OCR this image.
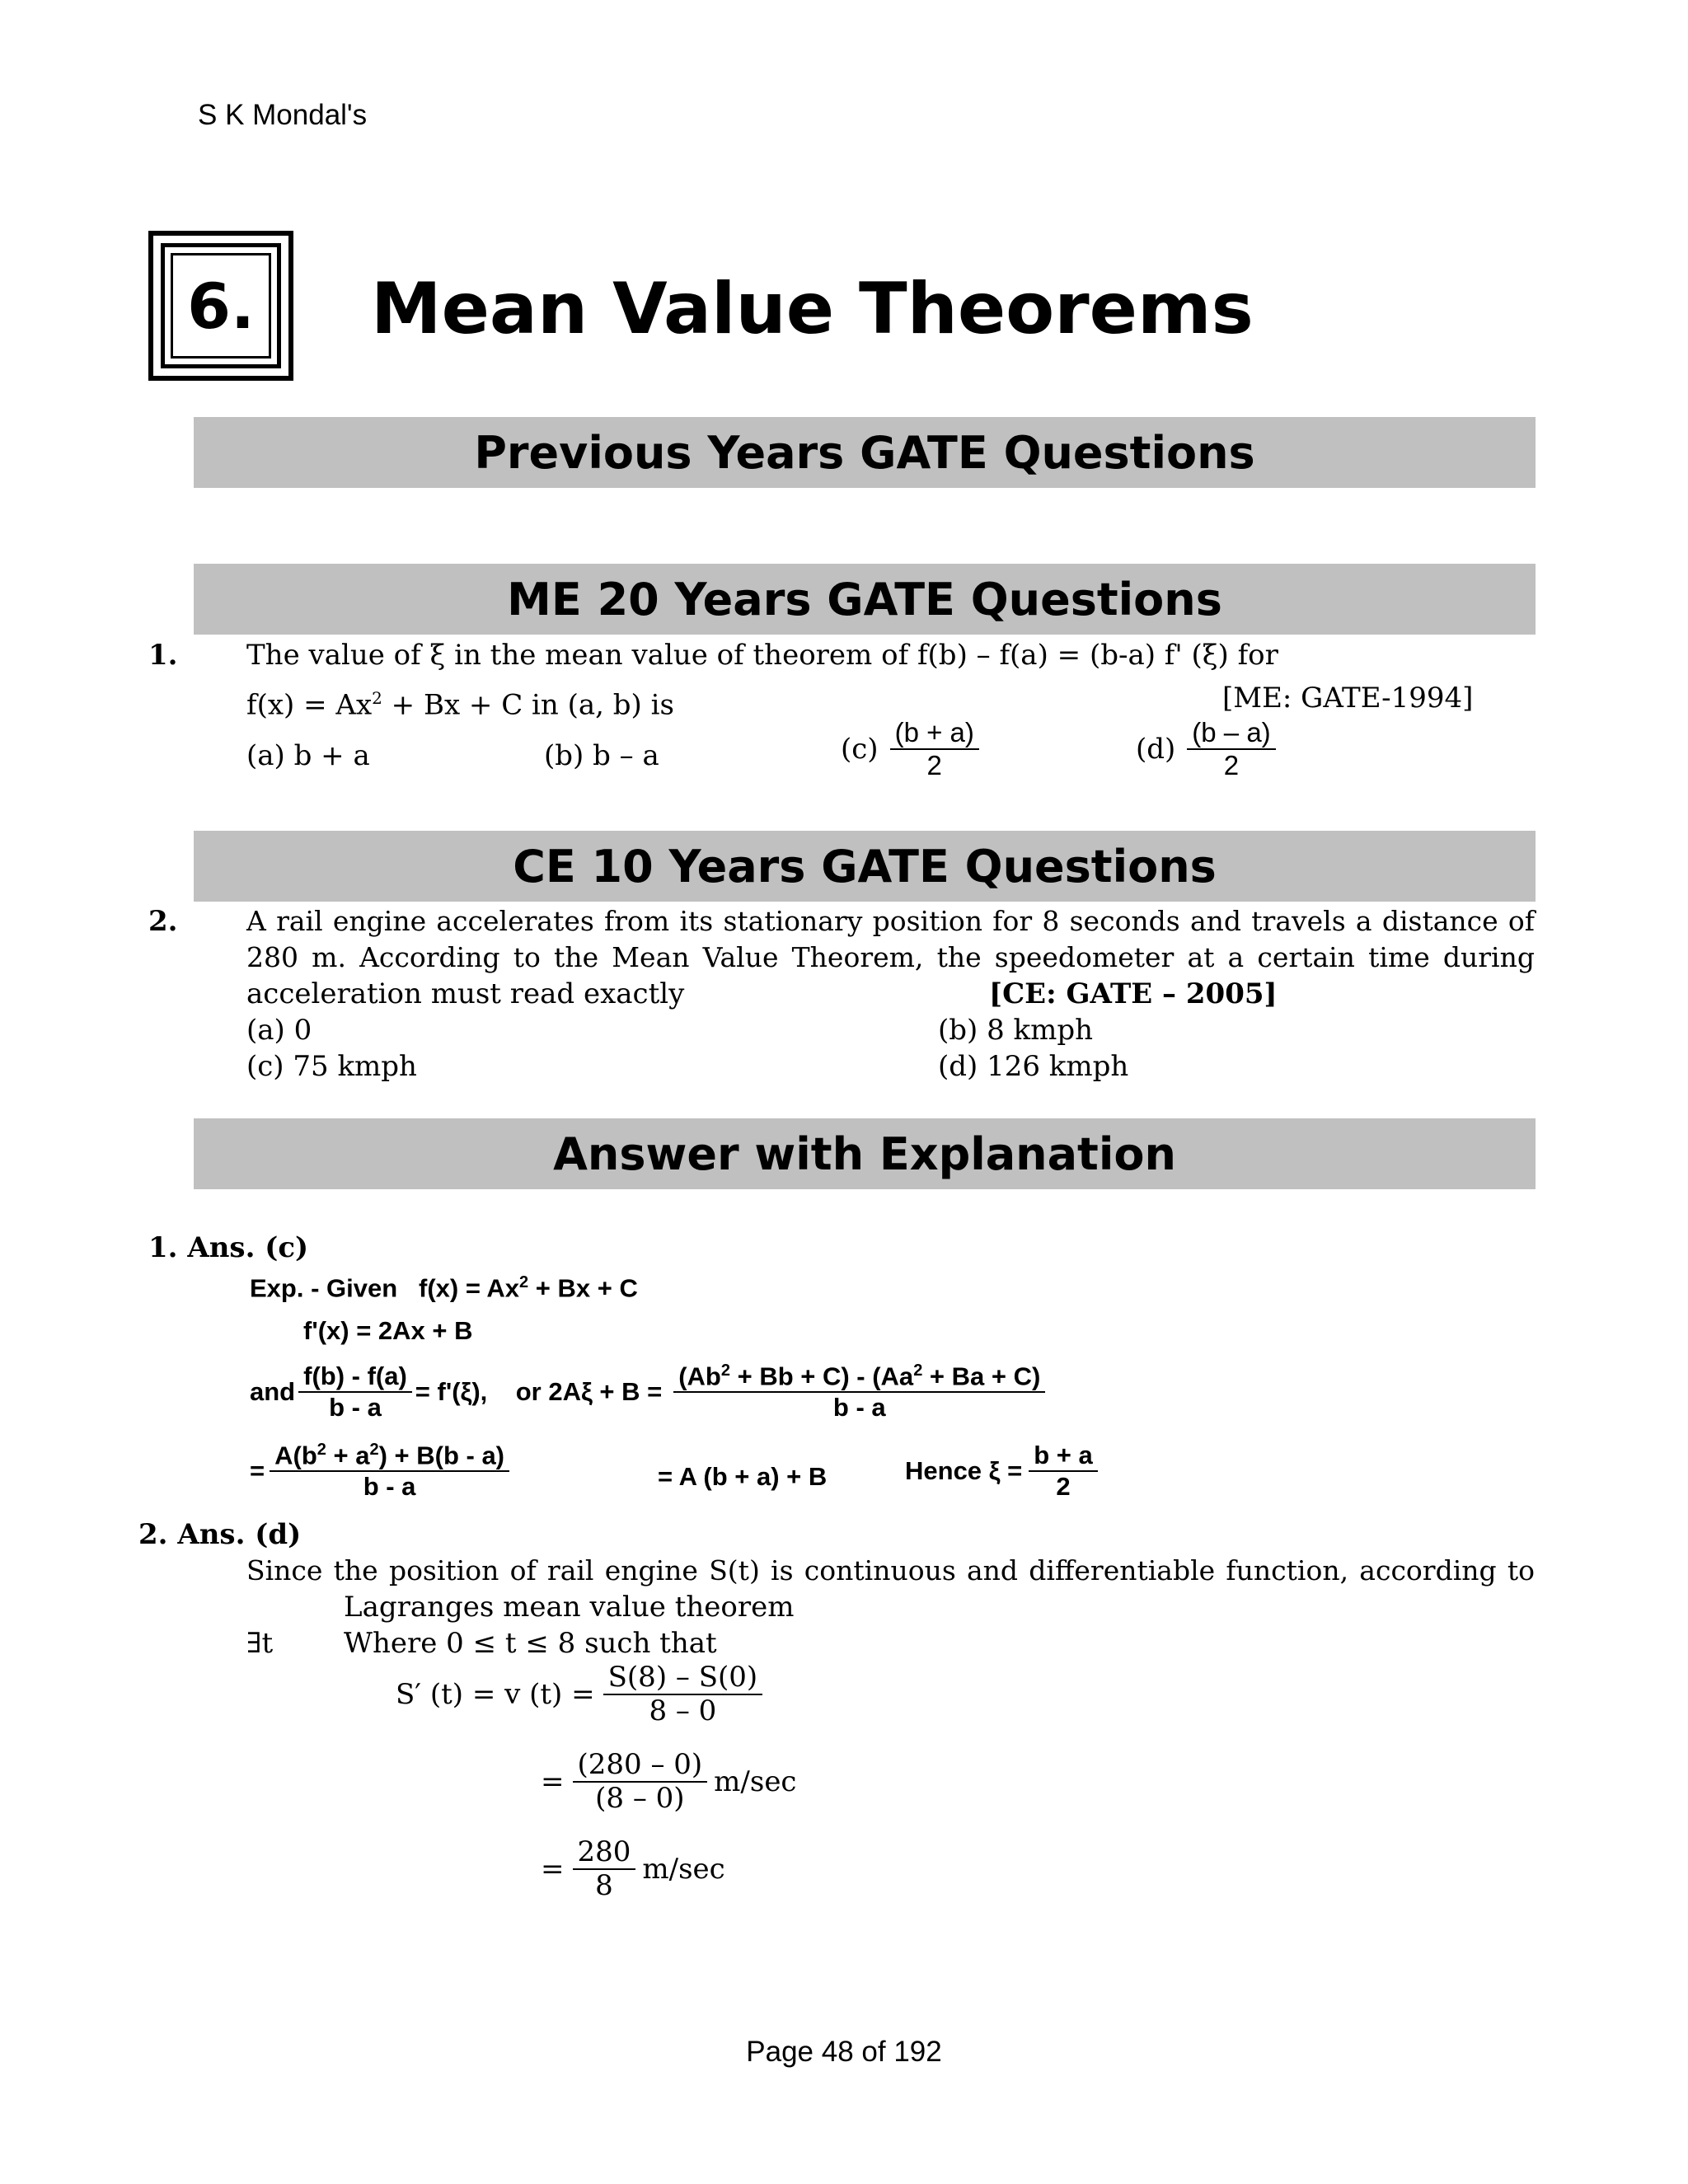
S K Mondal's
6. Mean Value Theorems
Previous Years GATE Questions
ME 20 Years GATE Questions
1. The value of ξ in the mean value of theorem of f(b) – f(a) = (b-a) f' (ξ) for
$f(x) = Ax^2 + Bx + C$ in (a, b) is	[ME: GATE-1994]
(a) b + a	(b) b – a	$(c) \frac{(b + a)}{2}$	$(d) \frac{(b - a)}{2}$
CE 10 Years GATE Questions
2.	A rail engine accelerates from its stationary position for 8 seconds and travels a distance of
280 m. According to the Mean Value Theorem, the speedometer at a certain time during
acceleration must read exactly	[CE: GATE – 2005]
(a) 0	(b) 8 kmph
(c) 75 kmph	(d) 126 kmph
Answer with Explanation
1. Ans. (c)
Exp. - Given $f(x) = Ax^2 + Bx + C$
f'(x) = 2Ax + B
and $\frac{f(b) - f(a)}{b - a} = f'(\xi)$,    or $2A\xi + B = \frac{(Ab^2 + Bb + C) - (Aa^2 + Ba + C)}{b - a}$
= $\frac{A(b^2 + a^2) + B(b - a)}{b - a}$	= A (b + a) + B	Hence $\xi = \frac{b + a}{2}$
2. Ans. (d)
Since the position of rail engine S(t) is continuous and differentiable function, according to
Lagranges mean value theorem
∃t	Where 0 ≤ t ≤ 8 such that
S′ (t) = v $(t) = \frac{S(8) - S(0)}{8 - 0}$
= $\frac{(280 - 0)}{(8 - 0)} m/\sec$
= $\frac{280}{8} m/\sec$
Page 48 of 192
